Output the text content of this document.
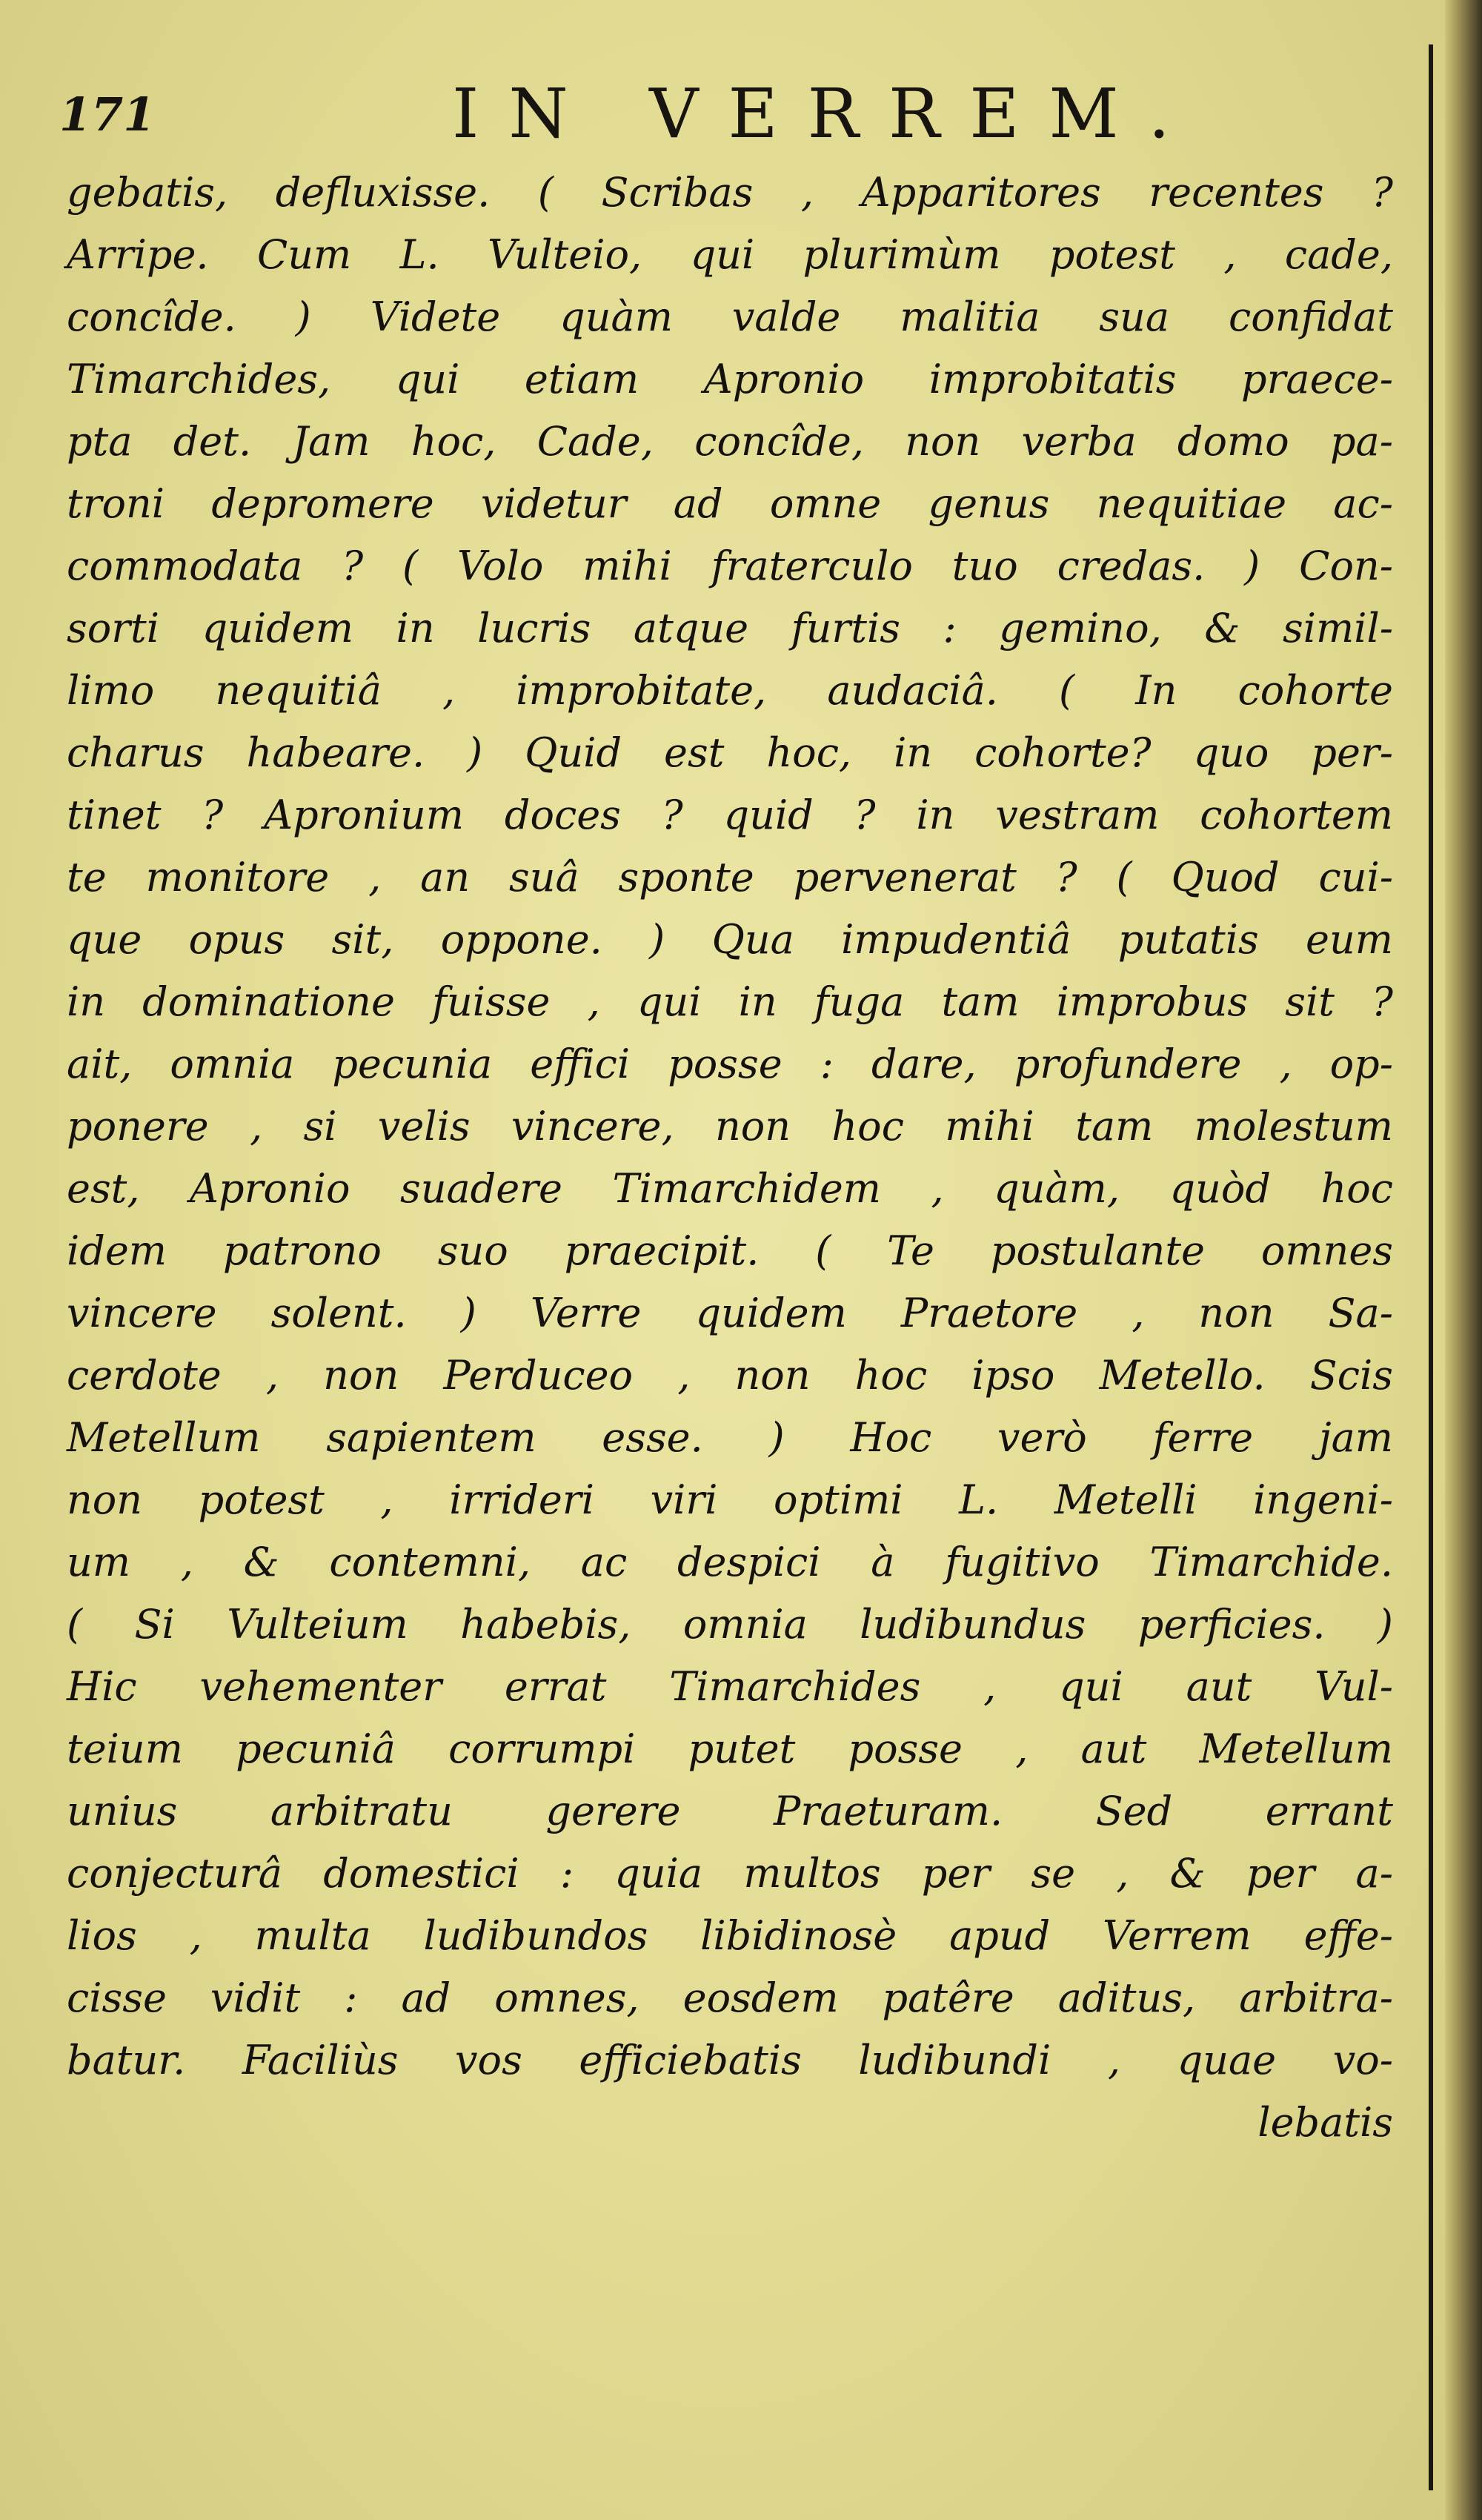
171	IN VERREM.
gebatis, defluxisse. ( Scribas , Apparitores recentes ?
Arripe. Cum L. Vulteio, qui plurimùm potest , cade,
concîde. ) Videte quàm valde malitia sua confidat
Timarchides, qui etiam Apronio improbitatis praece-
pta det. Jam hoc, Cade, concîde, non verba domo pa-
troni depromere videtur ad omne genus nequitiae ac-
commodata ? ( Volo mihi fraterculo tuo credas. ) Con-
sorti quidem in lucris atque furtis : gemino, & simil-
limo nequitiâ , improbitate, audaciâ. ( In cohorte
charus habeare. ) Quid est hoc, in cohorte? quo per-
tinet ? Apronium doces ? quid ? in vestram cohortem
te monitore , an suâ sponte pervenerat ? ( Quod cui-
que opus sit, oppone. ) Qua impudentiâ putatis eum
in dominatione fuisse , qui in fuga tam improbus sit ?
ait, omnia pecunia effici posse : dare, profundere , op-
ponere , si velis vincere, non hoc mihi tam molestum
est, Apronio suadere Timarchidem , quàm, quòd hoc
idem patrono suo praecipit. ( Te postulante omnes
vincere solent. ) Verre quidem Praetore , non Sa-
cerdote , non Perduceo , non hoc ipso Metello. Scis
Metellum sapientem esse. ) Hoc verò ferre jam
non potest , irrideri viri optimi L. Metelli ingeni-
um , & contemni, ac despici à fugitivo Timarchide.
( Si Vulteium habebis, omnia ludibundus perficies. )
Hic vehementer errat Timarchides , qui aut Vul-
teium pecuniâ corrumpi putet posse , aut Metellum
unius arbitratu gerere Praeturam. Sed errant
conjecturâ domestici : quia multos per se , & per a-
lios , multa ludibundos libidinosè apud Verrem effe-
cisse vidit : ad omnes, eosdem patêre aditus, arbitra-
batur. Faciliùs vos efficiebatis ludibundi , quae vo-
lebatis
